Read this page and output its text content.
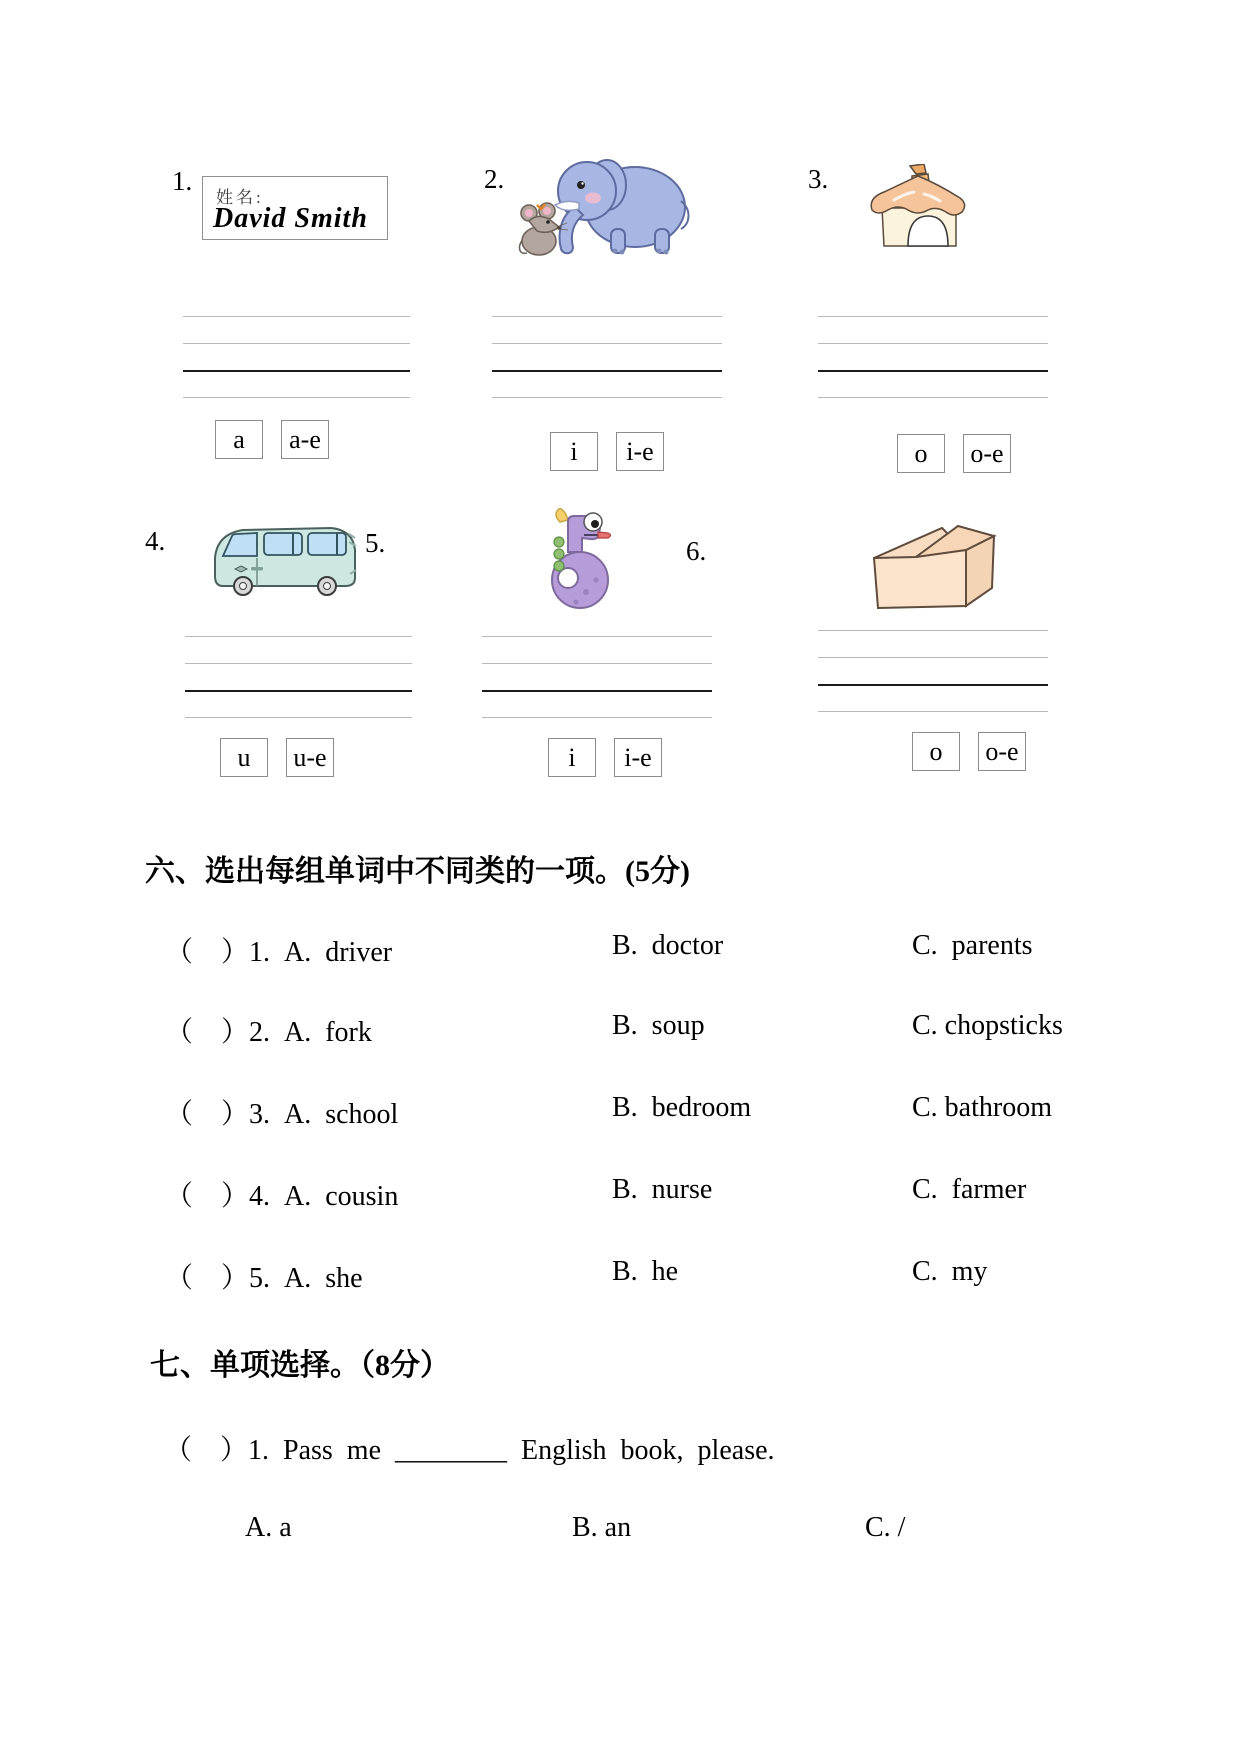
1.
姓名:
David Smith
2.	3.
a	a-e	i	i-e	o	o-e
4.	5.	6.
u	u-e	i	i-e	o	o-e
六、选出每组单词中不同类的一项。(5分)
（　）1.  A.  driver	B.  doctor	C.  parents
（　）2.  A.  fork	B.  soup	C. chopsticks
（　）3.  A.  school	B.  bedroom	C. bathroom
（　）4.  A.  cousin	B.  nurse	C.  farmer
（　）5.  A.  she	B.  he	C.  my
七、单项选择。（8分）
（　）1.  Pass  me  ________  English  book,  please.
A. a	B. an	C. /
